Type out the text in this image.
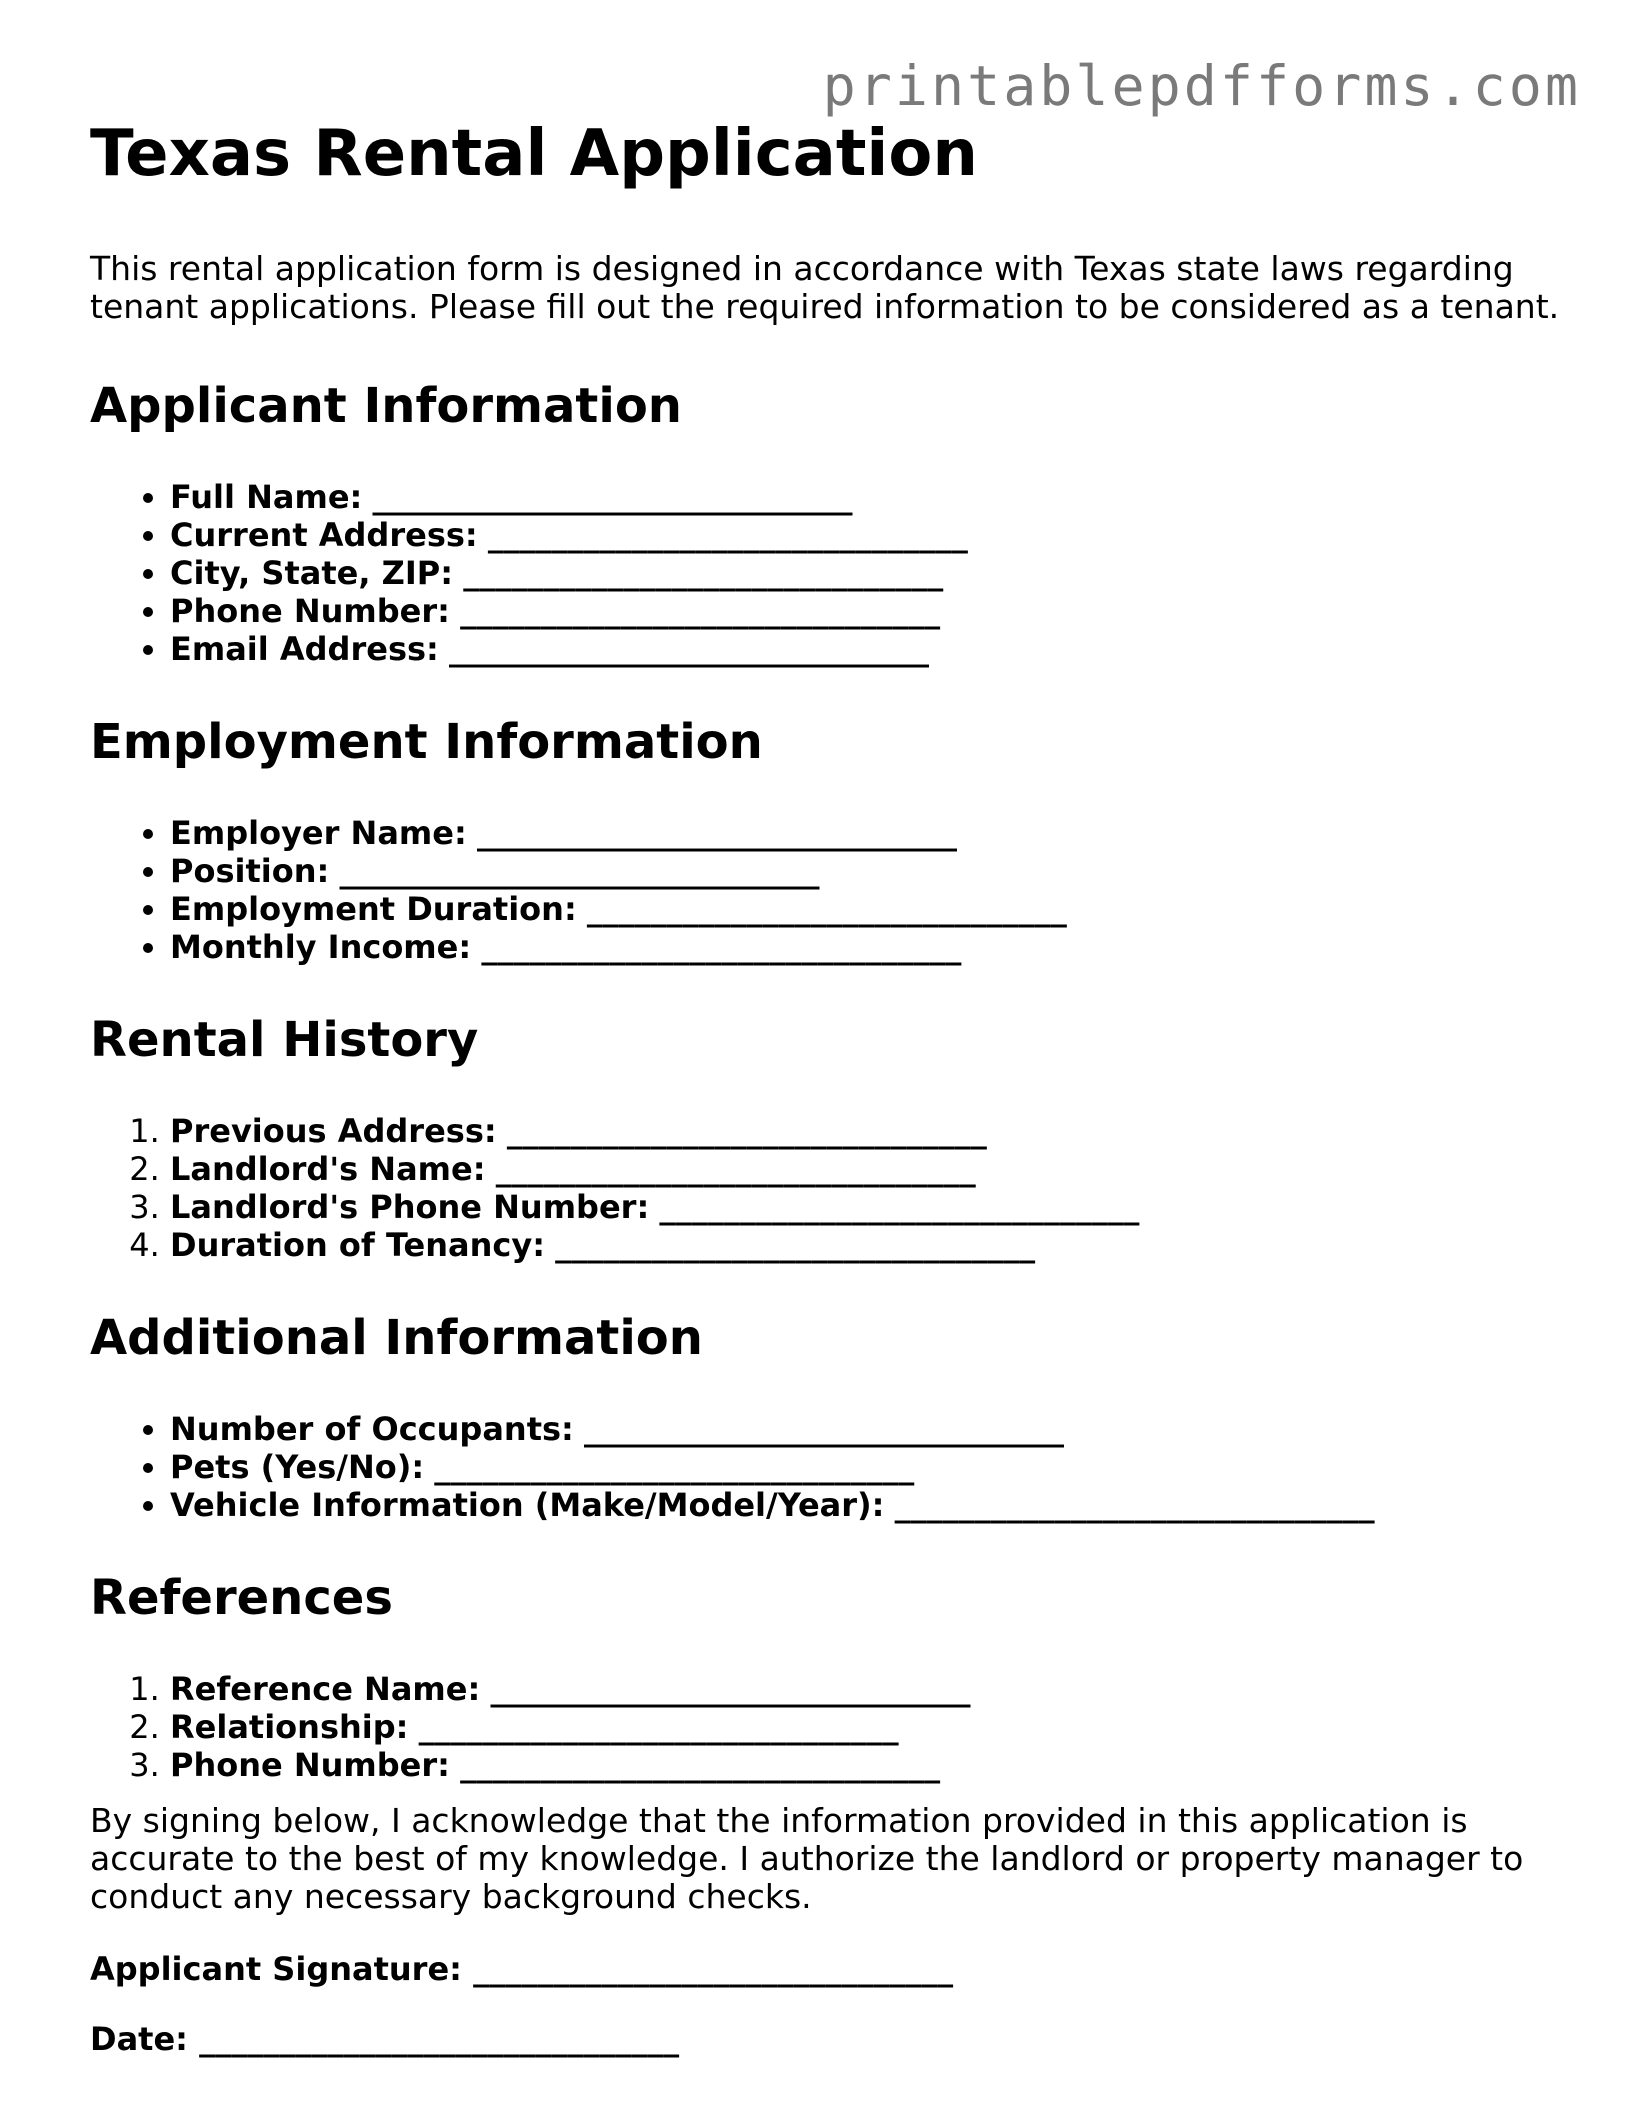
printablepdfforms.com
Texas Rental Application

This rental application form is designed in accordance with Texas state laws regarding tenant applications. Please fill out the required information to be considered as a tenant.

Applicant Information
• Full Name: ______________________________
• Current Address: ______________________________
• City, State, ZIP: ______________________________
• Phone Number: ______________________________
• Email Address: ______________________________
Employment Information
• Employer Name: ______________________________
• Position: ______________________________
• Employment Duration: ______________________________
• Monthly Income: ______________________________
Rental History
1. Previous Address: ______________________________
2. Landlord's Name: ______________________________
3. Landlord's Phone Number: ______________________________
4. Duration of Tenancy: ______________________________
Additional Information
• Number of Occupants: ______________________________
• Pets (Yes/No): ______________________________
• Vehicle Information (Make/Model/Year): ______________________________
References
1. Reference Name: ______________________________
2. Relationship: ______________________________
3. Phone Number: ______________________________

By signing below, I acknowledge that the information provided in this application is accurate to the best of my knowledge. I authorize the landlord or property manager to conduct any necessary background checks.

Applicant Signature: ______________________________

Date: ______________________________
